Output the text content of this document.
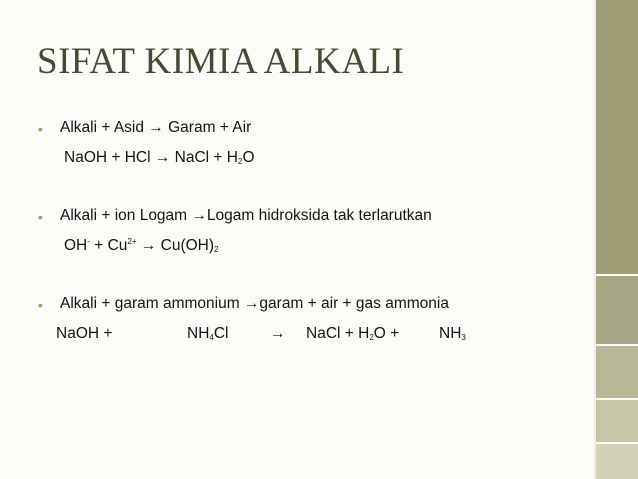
SIFAT KIMIA ALKALI
• Alkali + Asid → Garam + Air
NaOH + HCl → NaCl + $H_2O$
• Alkali + ion Logam →Logam hidroksida tak terlarutkan
$OH^- + Cu^{2+} \to Cu(OH)_2$
• Alkali + garam ammonium →garam + air + gas ammonia
NaOH +	$NH_4Cl$	→ NaCl + $H_2O$ +	$NH_3$
